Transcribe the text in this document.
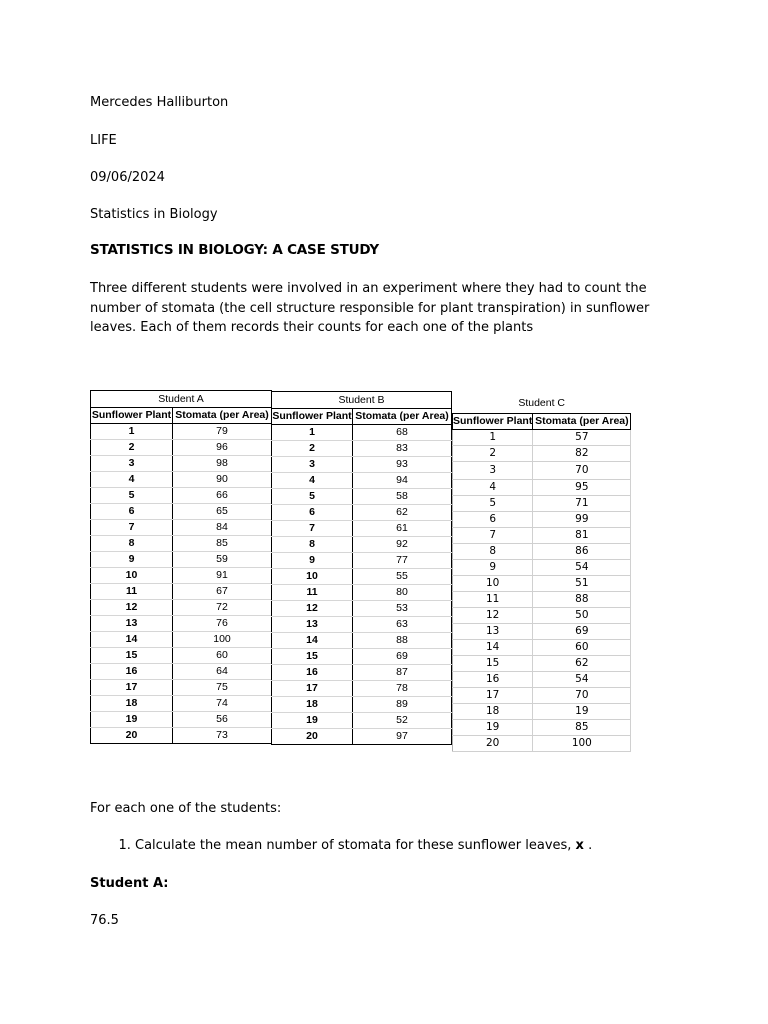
Mercedes Halliburton
LIFE
09/06/2024
Statistics in Biology
STATISTICS IN BIOLOGY: A CASE STUDY
Three different students were involved in an experiment where they had to count the number of stomata (the cell structure responsible for plant transpiration) in sunflower leaves. Each of them records their counts for each one of the plants
Student A	
Sunflower Plant	Stomata (per Area)
1	79
2	96
3	98
4	90
5	66
6	65
7	84
8	85
9	59
10	91
11	67
12	72
13	76
14	100
15	60
16	64
17	75
18	74
19	56
20	73
Student B	
Sunflower Plant	Stomata (per Area)
1	68
2	83
3	93
4	94
5	58
6	62
7	61
8	92
9	77
10	55
11	80
12	53
13	63
14	88
15	69
16	87
17	78
18	89
19	52
20	97
Student C	
Sunflower Plant	Stomata (per Area)
1	57
2	82
3	70
4	95
5	71
6	99
7	81
8	86
9	54
10	51
11	88
12	50
13	69
14	60
15	62
16	54
17	70
18	19
19	85
20	100
For each one of the students:
1. Calculate the mean number of stomata for these sunflower leaves, x .
Student A:
76.5
